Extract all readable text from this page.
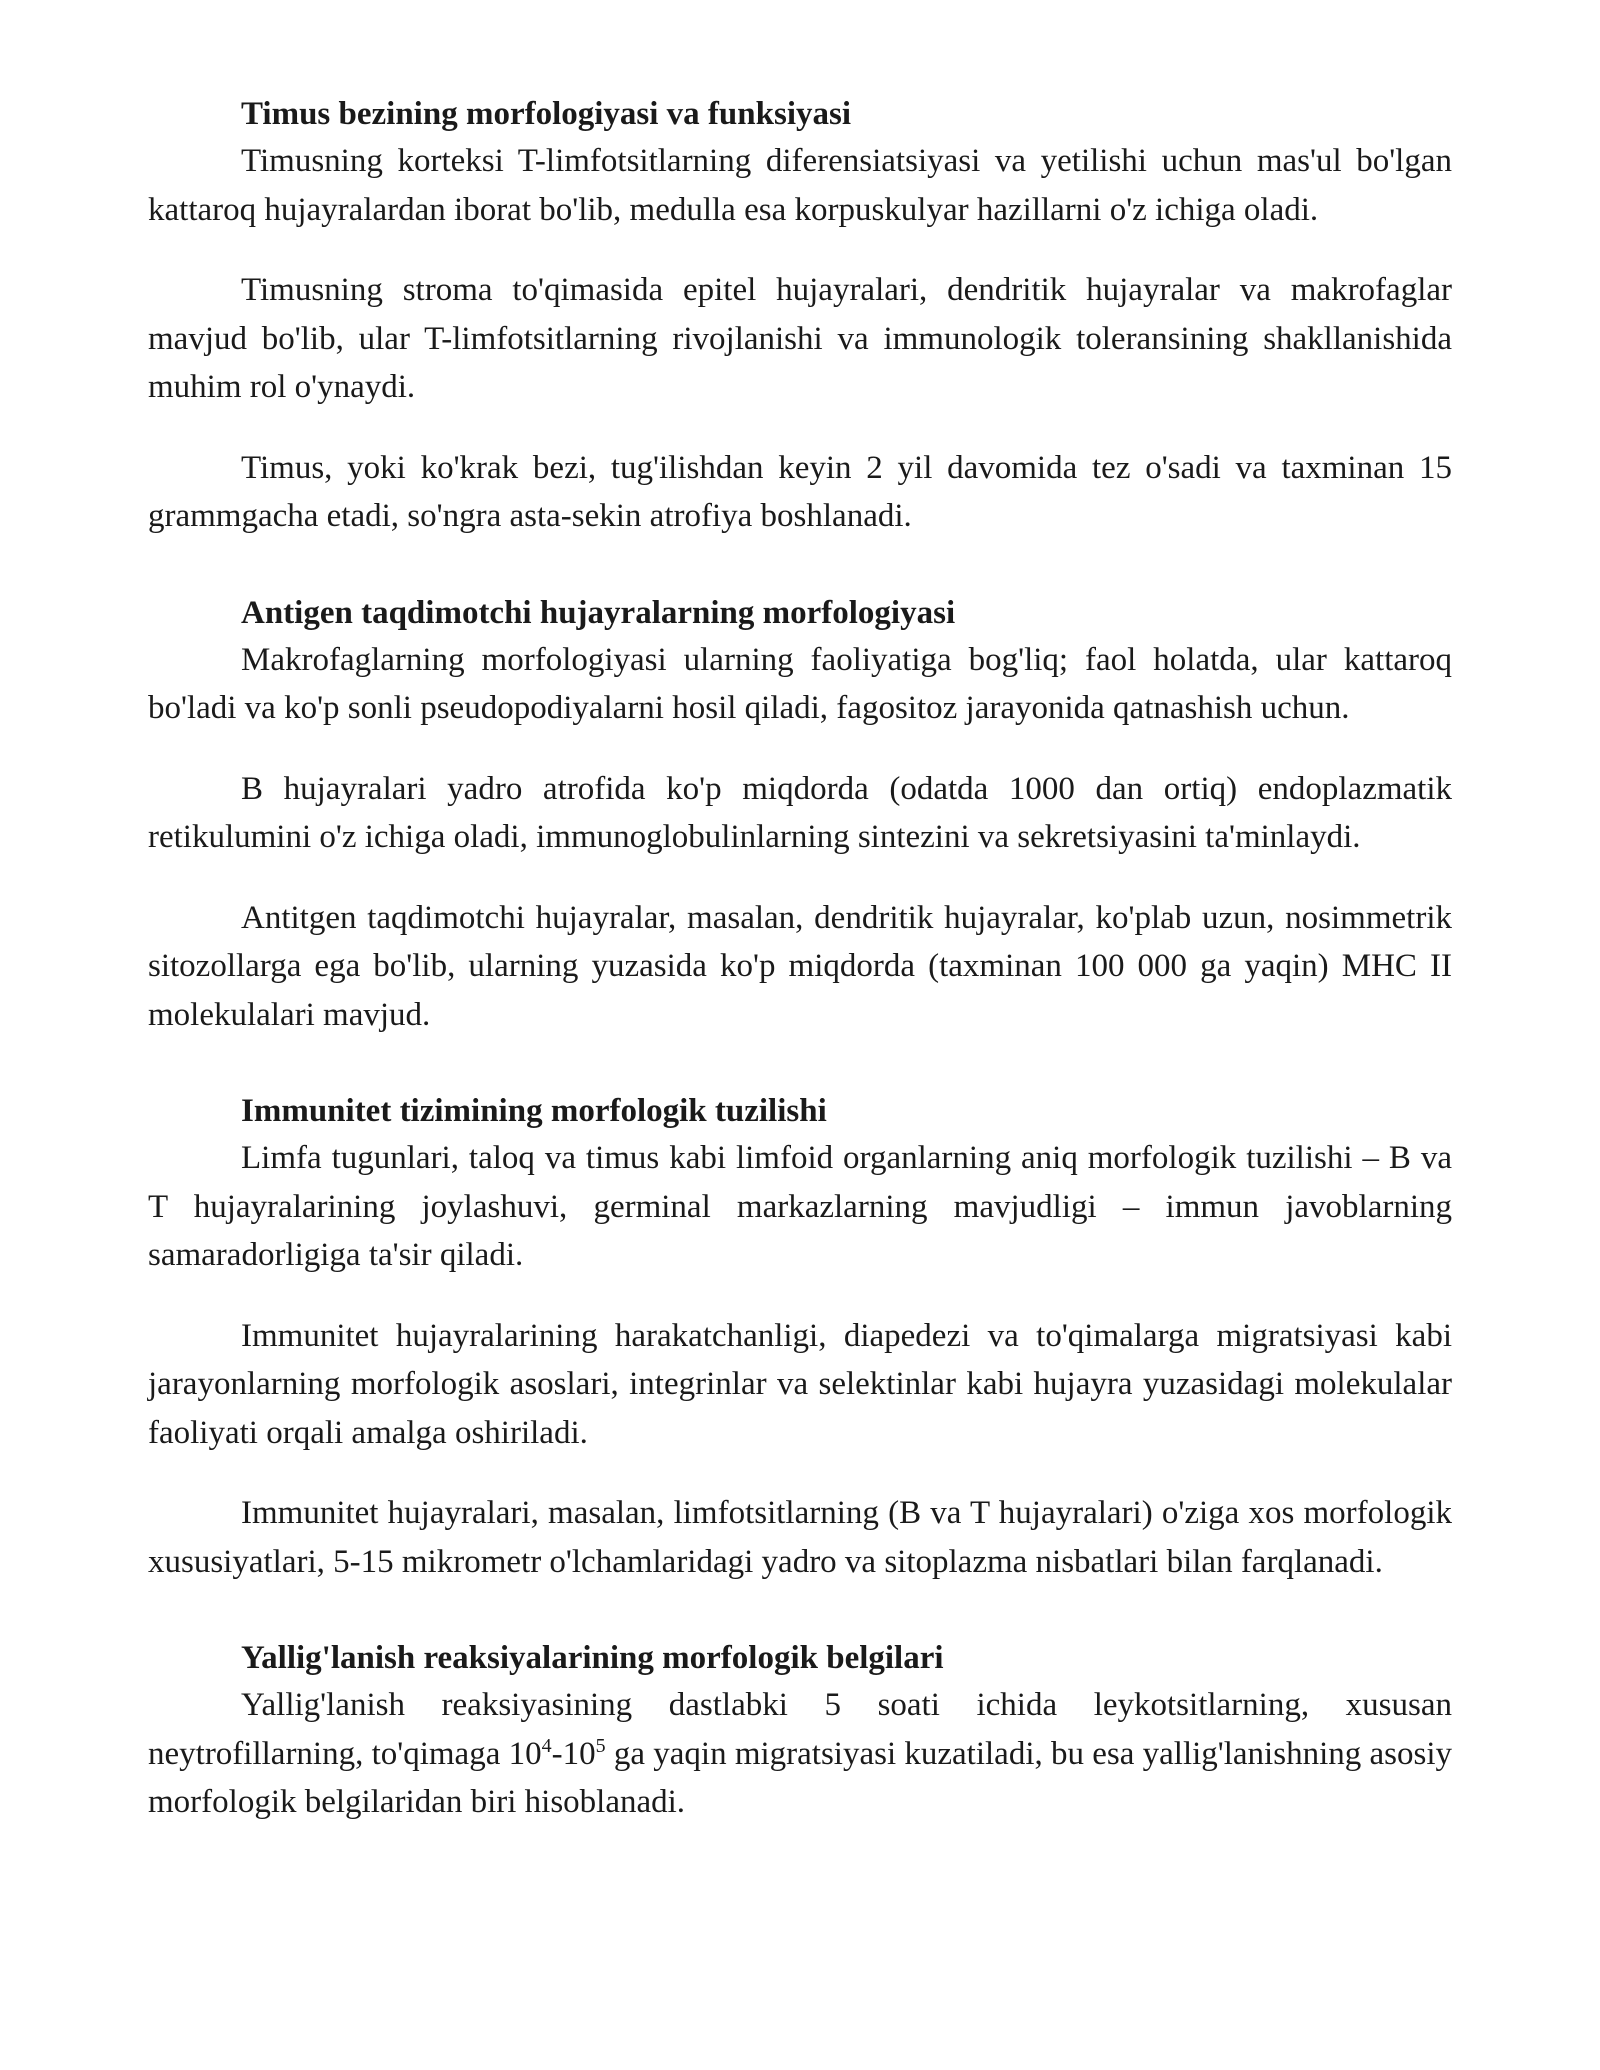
Timus bezining morfologiyasi va funksiyasi

Timusning korteksi T-limfotsitlarning diferensiatsiyasi va yetilishi uchun mas'ul bo'lgan kattaroq hujayralardan iborat bo'lib, medulla esa korpuskulyar hazillarni o'z ichiga oladi.

Timusning stroma to'qimasida epitel hujayralari, dendritik hujayralar va makrofaglar mavjud bo'lib, ular T-limfotsitlarning rivojlanishi va immunologik toleransining shakllanishida muhim rol o'ynaydi.

Timus, yoki ko'krak bezi, tug'ilishdan keyin 2 yil davomida tez o'sadi va taxminan 15 grammgacha etadi, so'ngra asta-sekin atrofiya boshlanadi.

Antigen taqdimotchi hujayralarning morfologiyasi

Makrofaglarning morfologiyasi ularning faoliyatiga bog'liq; faol holatda, ular kattaroq bo'ladi va ko'p sonli pseudopodiyalarni hosil qiladi, fagositoz jarayonida qatnashish uchun.

B hujayralari yadro atrofida ko'p miqdorda (odatda 1000 dan ortiq) endoplazmatik retikulumini o'z ichiga oladi, immunoglobulinlarning sintezini va sekretsiyasini ta'minlaydi.

Antitgen taqdimotchi hujayralar, masalan, dendritik hujayralar, ko'plab uzun, nosimmetrik sitozollarga ega bo'lib, ularning yuzasida ko'p miqdorda (taxminan 100 000 ga yaqin) MHC II molekulalari mavjud.

Immunitet tizimining morfologik tuzilishi

Limfa tugunlari, taloq va timus kabi limfoid organlarning aniq morfologik tuzilishi – B va T hujayralarining joylashuvi, germinal markazlarning mavjudligi – immun javoblarning samaradorligiga ta'sir qiladi.

Immunitet hujayralarining harakatchanligi, diapedezi va to'qimalarga migratsiyasi kabi jarayonlarning morfologik asoslari, integrinlar va selektinlar kabi hujayra yuzasidagi molekulalar faoliyati orqali amalga oshiriladi.

Immunitet hujayralari, masalan, limfotsitlarning (B va T hujayralari) o'ziga xos morfologik xususiyatlari, 5-15 mikrometr o'lchamlaridagi yadro va sitoplazma nisbatlari bilan farqlanadi.

Yallig'lanish reaksiyalarining morfologik belgilari

Yallig'lanish reaksiyasining dastlabki 5 soati ichida leykotsitlarning, xususan neytrofillarning, to'qimaga $10^4-10^5$ ga yaqin migratsiyasi kuzatiladi, bu esa yallig'lanishning asosiy morfologik belgilaridan biri hisoblanadi.
